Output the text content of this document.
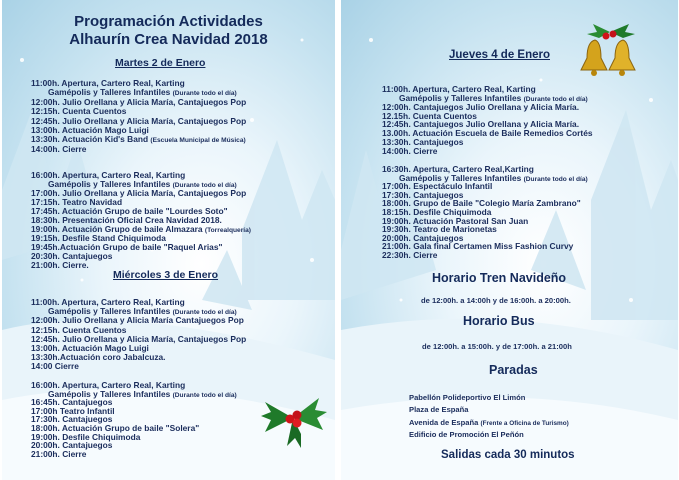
Programación Actividades
Alhaurín Crea Navidad 2018
Martes 2 de Enero
11:00h. Apertura, Cartero Real, Karting
Gamépolis y Talleres Infantiles (Durante todo el día)
12:00h. Julio Orellana y Alicia María, Cantajuegos Pop
12:15h. Cuenta Cuentos
12:45h. Julio Orellana y Alicia María, Cantajuegos Pop
13:00h. Actuación Mago Luigi
13:30h. Actuación Kid's Band (Escuela Municipal de Música)
14:00h. Cierre
16:00h. Apertura, Cartero Real, Karting
Gamépolis y Talleres Infantiles (Durante todo el día)
17:00h. Julio Orellana y Alicia María, Cantajuegos Pop
17:15h. Teatro Navidad
17:45h. Actuación Grupo de baile "Lourdes Soto"
18:30h. Presentación Oficial Crea Navidad 2018.
19:00h. Actuación Grupo de baile Almazara (Torrealquería)
19:15h. Desfile Stand Chiquimoda
19:45h.Actuación Grupo de baile "Raquel Arias"
20:30h. Cantajuegos
21:00h. Cierre.
Miércoles 3 de Enero
11:00h. Apertura, Cartero Real, Karting
Gamépolis y Talleres Infantiles (Durante todo el día)
12:00h. Julio Orellana y Alicia María Cantajuegos Pop
12:15h. Cuenta Cuentos
12:45h. Julio Orellana y Alicia María, Cantajuegos Pop
13:00h. Actuación Mago Luigi
13:30h.Actuación coro Jabalcuza.
14:00 Cierre
16:00h. Apertura, Cartero Real, Karting
Gamépolis y Talleres Infantiles (Durante todo el día)
16:45h. Cantajuegos
17:00h Teatro Infantil
17:30h. Cantajuegos
18:00h. Actuación Grupo de baile "Solera"
19:00h. Desfile Chiquimoda
20:00h. Cantajuegos
21:00h. Cierre
Jueves 4 de Enero
11:00h. Apertura, Cartero Real, Karting
Gamépolis y Talleres Infantiles (Durante todo el día)
12:00h. Cantajuegos Julio Orellana y Alicia María.
12.15h. Cuenta Cuentos
12:45h. Cantajuegos Julio Orellana y Alicia María.
13.00h. Actuación Escuela de Baile Remedios Cortés
13:30h. Cantajuegos
14:00h. Cierre
16:30h. Apertura, Cartero Real,Karting
Gamépolis y Talleres Infantiles (Durante todo el día)
17:00h. Espectáculo Infantil
17:30h. Cantajuegos
18:00h. Grupo de Baile "Colegio María Zambrano"
18:15h. Desfile Chiquimoda
19:00h. Actuación Pastoral San Juan
19:30h. Teatro de Marionetas
20:00h. Cantajuegos
21:00h. Gala final Certamen Miss Fashion Curvy
22:30h. Cierre
Horario Tren Navideño
de 12:00h. a 14:00h y de 16:00h. a 20:00h.
Horario Bus
de 12:00h. a 15:00h. y de 17:00h. a 21:00h
Paradas
Pabellón Polideportivo El Limón
Plaza de España
Avenida de España (Frente a Oficina de Turismo)
Edificio de Promoción El Peñón
Salidas cada 30 minutos
